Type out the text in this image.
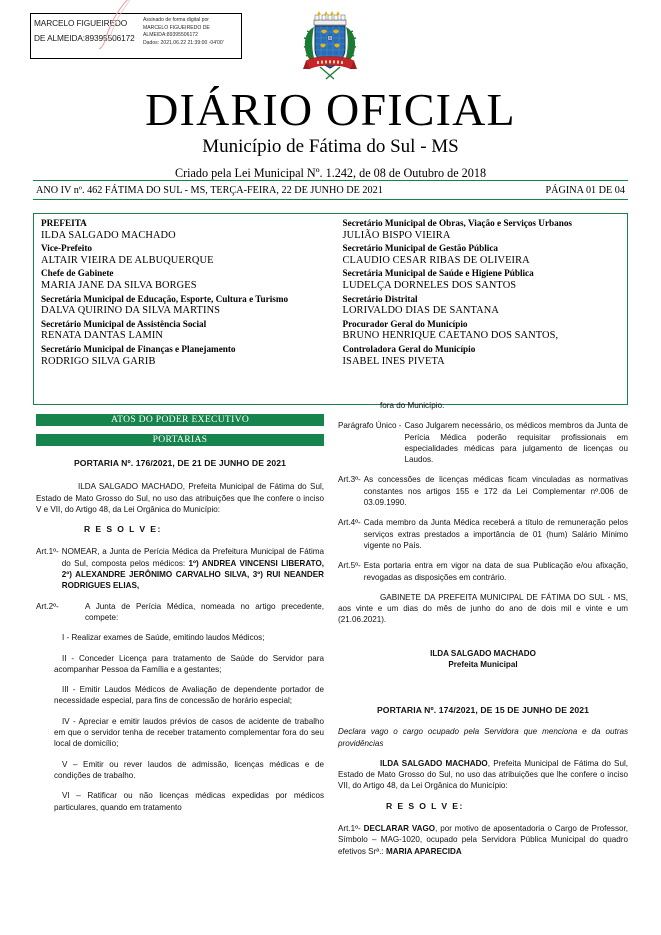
MARCELO FIGUEIREDO DE ALMEIDA:89395506172
Assinado de forma digital por
MARCELO FIGUEIREDO DE
ALMEIDA:89395506172
Dados: 2021.06.22 21:39:00 -04'00'
DIÁRIO OFICIAL
Município de Fátima do Sul - MS
Criado pela Lei Municipal Nº. 1.242, de 08 de Outubro de 2018
ANO IV nº. 462 FÁTIMA DO SUL - MS, TERÇA-FEIRA, 22 DE JUNHO DE 2021	PÁGINA 01 DE 04
PREFEITA
ILDA SALGADO MACHADO
Vice-Prefeito
ALTAIR VIEIRA DE ALBUQUERQUE
Chefe de Gabinete
MARIA JANE DA SILVA BORGES
Secretária Municipal de Educação, Esporte, Cultura e Turismo
DALVA QUIRINO DA SILVA MARTINS
Secretário Municipal de Assistência Social
RENATA DANTAS LAMIN
Secretário Municipal de Finanças e Planejamento
RODRIGO SILVA GARIB
Secretário Municipal de Obras, Viação e Serviços Urbanos
JULIÃO BISPO VIEIRA
Secretário Municipal de Gestão Pública
CLAUDIO CESAR RIBAS DE OLIVEIRA
Secretária Municipal de Saúde e Higiene Pública
LUDELÇA DORNELES DOS SANTOS
Secretário Distrital
LORIVALDO DIAS DE SANTANA
Procurador Geral do Município
BRUNO HENRIQUE CAETANO DOS SANTOS,
Controladora Geral do Município
ISABEL INES PIVETA
ATOS DO PODER EXECUTIVO
PORTARIAS
PORTARIA Nº. 176/2021, DE 21 DE JUNHO DE 2021
ILDA SALGADO MACHADO, Prefeita Municipal de Fátima do Sul, Estado de Mato Grosso do Sul, no uso das atribuições que lhe confere o inciso V e VII, do Artigo 48, da Lei Orgânica do Município:
R E S O L V E:
Art.1º- NOMEAR, a Junta de Perícia Médica da Prefeitura Municipal de Fátima do Sul, composta pelos médicos: 1º) ANDREA VINCENSI LIBERATO, 2º) ALEXANDRE JERÔNIMO CARVALHO SILVA, 3º) RUI NEANDER RODRIGUES ELIAS,
Art.2º-	A Junta de Perícia Médica, nomeada no artigo precedente, compete:
I - Realizar exames de Saúde, emitindo laudos Médicos;
II - Conceder Licença para tratamento de Saúde do Servidor para acompanhar Pessoa da Família e a gestantes;
III - Emitir Laudos Médicos de Avaliação de dependente portador de necessidade especial, para fins de concessão de horário especial;
IV - Apreciar e emitir laudos prévios de casos de acidente de trabalho em que o servidor tenha de receber tratamento complementar fora do seu local de domicílio;
V – Emitir ou rever laudos de admissão, licenças médicas e de condições de trabalho.
VI – Ratificar ou não licenças médicas expedidas por médicos particulares, quando em tratamento
fora do Município.
Parágrafo Único - Caso Julgarem necessário, os médicos membros da Junta de Perícia Médica poderão requisitar profissionais em especialidades médicas para julgamento de licenças ou Laudos.
Art.3º- As concessões de licenças médicas ficam vinculadas as normativas constantes nos artigos 155 e 172 da Lei Complementar nº.006 de 03.09.1990.
Art.4º- Cada membro da Junta Médica receberá a título de remuneração pelos serviços extras prestados a importância de 01 (hum) Salário Mínimo vigente no País.
Art.5º- Esta portaria entra em vigor na data de sua Publicação e/ou afixação, revogadas as disposições em contrário.
GABINETE DA PREFEITA MUNICIPAL DE FÁTIMA DO SUL - MS, aos vinte e um dias do mês de junho do ano de dois mil e vinte e um (21.06.2021).
ILDA SALGADO MACHADO
Prefeita Municipal
PORTARIA Nº. 174/2021, DE 15 DE JUNHO DE 2021
Declara vago o cargo ocupado pela Servidora que menciona e da outras providências
ILDA SALGADO MACHADO, Prefeita Municipal de Fátima do Sul, Estado de Mato Grosso do Sul, no uso das atribuições que lhe confere o inciso VII, do Artigo 48, da Lei Orgânica do Município:
R E S O L V E:
Art.1º- DECLARAR VAGO, por motivo de aposentadoria o Cargo de Professor, Símbolo – MAG-1020, ocupado pela Servidora Pública Municipal do quadro efetivos Srª.: MARIA APARECIDA
